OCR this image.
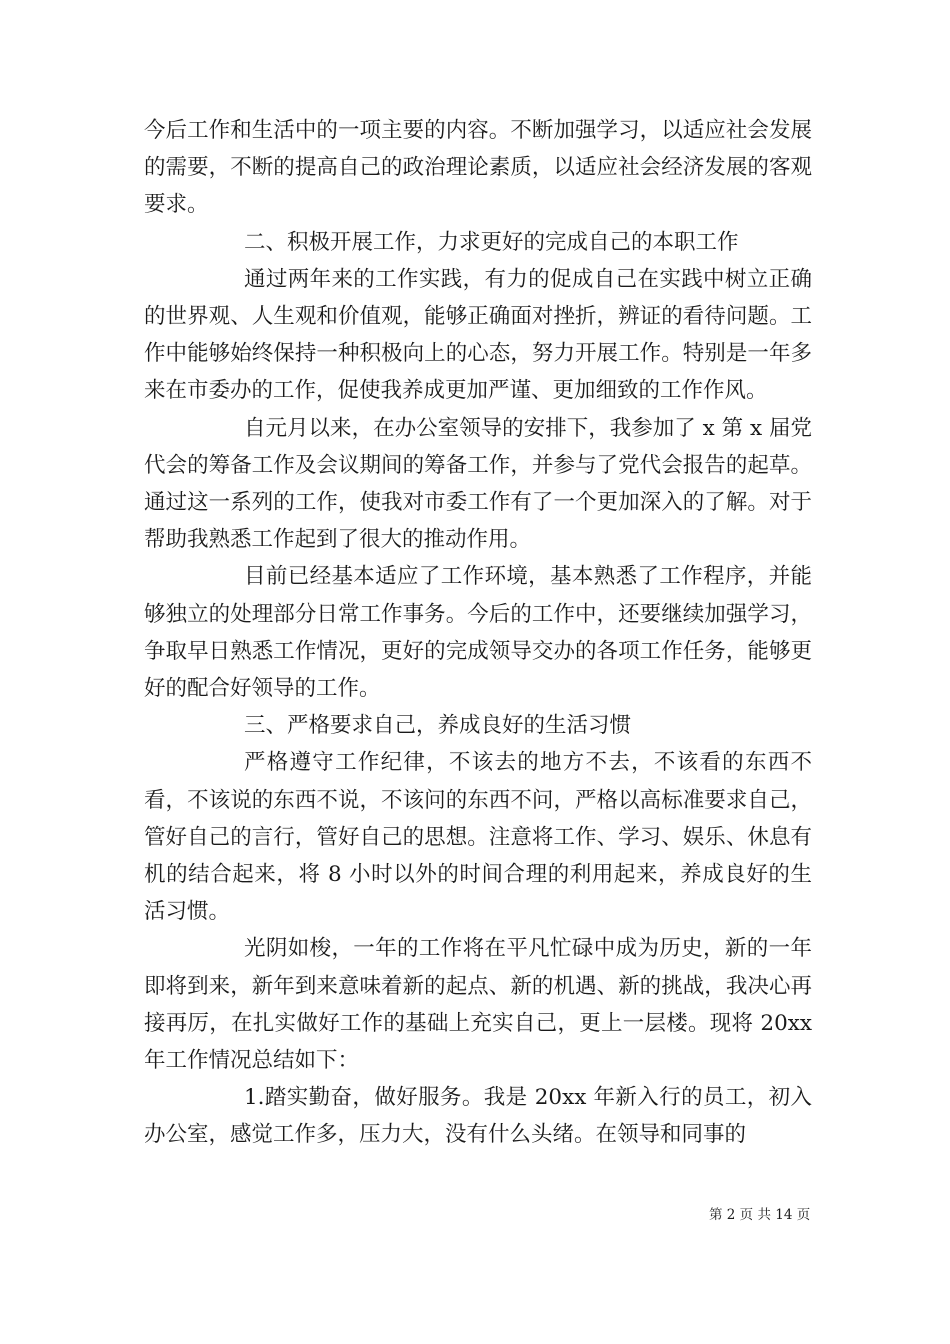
今后工作和生活中的一项主要的内容。不断加强学习，以适应社会发展的需要，不断的提高自己的政治理论素质，以适应社会经济发展的客观要求。

二、积极开展工作，力求更好的完成自己的本职工作

通过两年来的工作实践，有力的促成自己在实践中树立正确的世界观、人生观和价值观，能够正确面对挫折，辨证的看待问题。工作中能够始终保持一种积极向上的心态，努力开展工作。特别是一年多来在市委办的工作，促使我养成更加严谨、更加细致的工作作风。

自元月以来，在办公室领导的安排下，我参加了 x 第 x 届党代会的筹备工作及会议期间的筹备工作，并参与了党代会报告的起草。通过这一系列的工作，使我对市委工作有了一个更加深入的了解。对于帮助我熟悉工作起到了很大的推动作用。

目前已经基本适应了工作环境，基本熟悉了工作程序，并能够独立的处理部分日常工作事务。今后的工作中，还要继续加强学习，争取早日熟悉工作情况，更好的完成领导交办的各项工作任务，能够更好的配合好领导的工作。

三、严格要求自己，养成良好的生活习惯

严格遵守工作纪律，不该去的地方不去，不该看的东西不看，不该说的东西不说，不该问的东西不问，严格以高标准要求自己，管好自己的言行，管好自己的思想。注意将工作、学习、娱乐、休息有机的结合起来，将 8 小时以外的时间合理的利用起来，养成良好的生活习惯。

光阴如梭，一年的工作将在平凡忙碌中成为历史，新的一年即将到来，新年到来意味着新的起点、新的机遇、新的挑战，我决心再接再厉，在扎实做好工作的基础上充实自己，更上一层楼。现将 20xx 年工作情况总结如下：

1.踏实勤奋，做好服务。我是 20xx 年新入行的员工，初入办公室，感觉工作多，压力大，没有什么头绪。在领导和同事的

第 2 页 共 14 页
